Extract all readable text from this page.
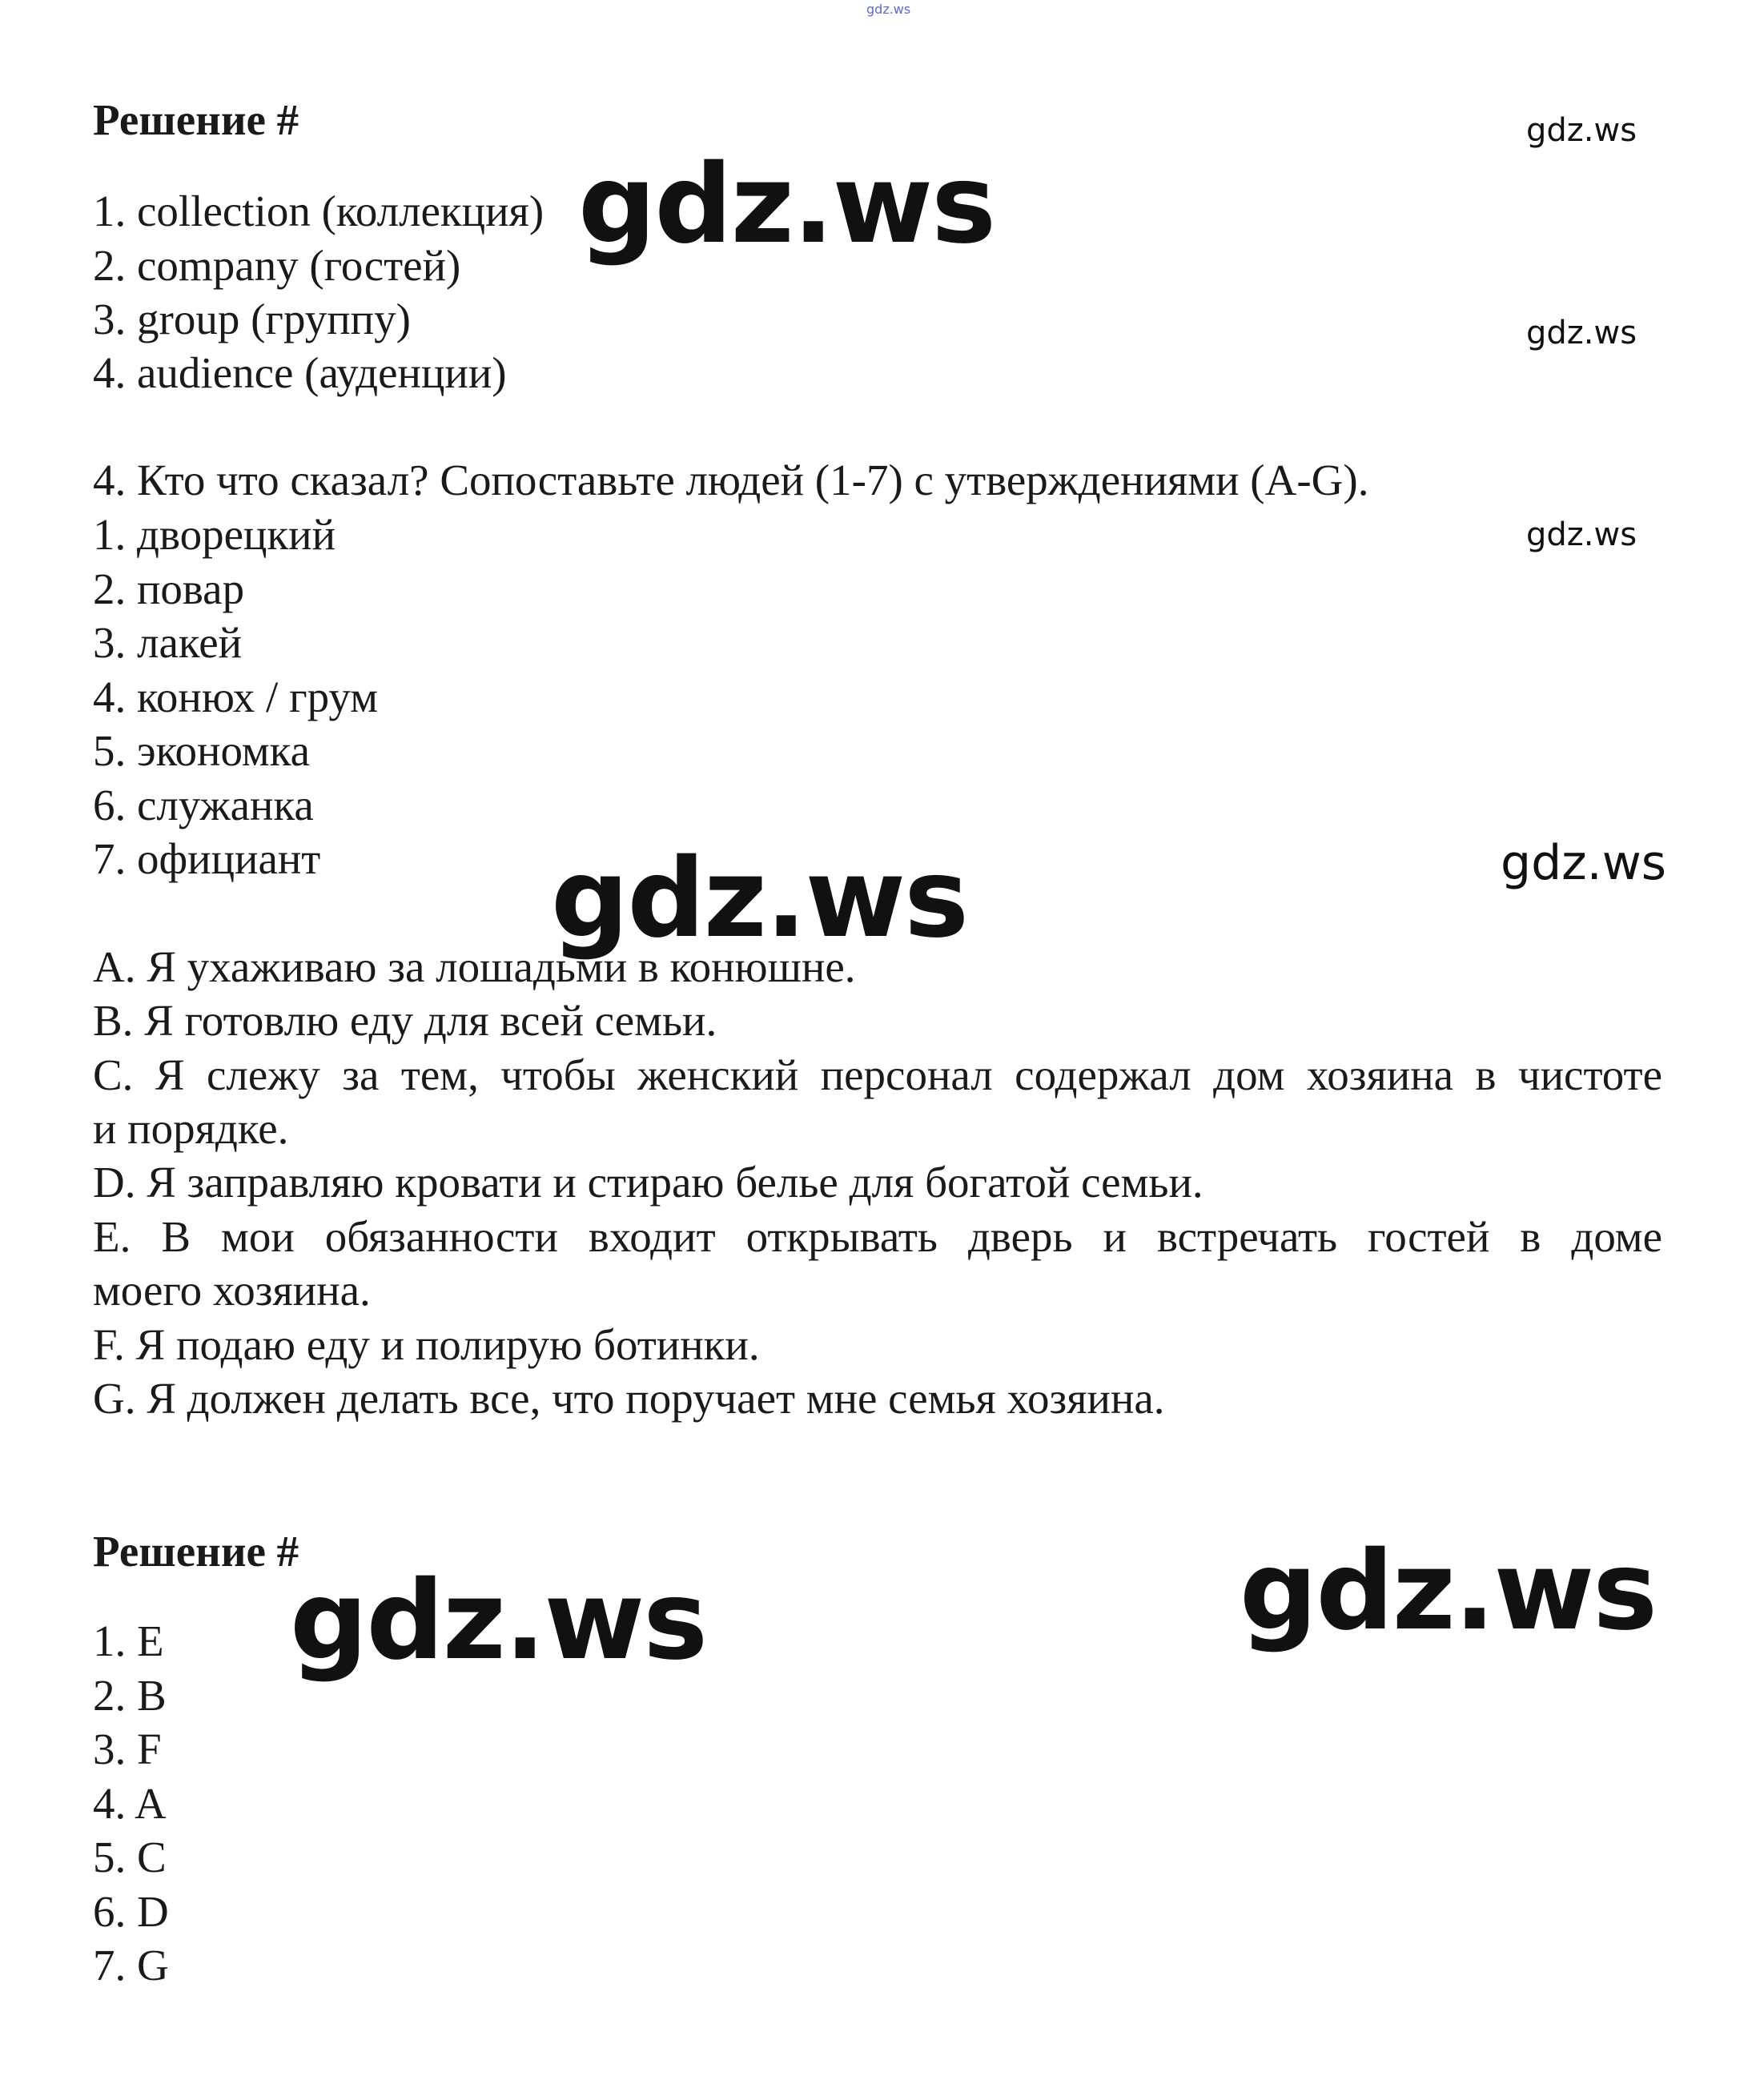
gdz.ws
Решение #
1. collection (коллекция)
2. company (гостей)
3. group (группу)
4. audience (ауденции)
4. Кто что сказал? Сопоставьте людей (1-7) с утверждениями (A-G).
1. дворецкий
2. повар
3. лакей
4. конюх / грум
5. экономка
6. служанка
7. официант
A. Я ухаживаю за лошадьми в конюшне.
B. Я готовлю еду для всей семьи.
C. Я слежу за тем, чтобы женский персонал содержал дом хозяина в чистоте
и порядке.
D. Я заправляю кровати и стираю белье для богатой семьи.
E. В мои обязанности входит открывать дверь и встречать гостей в доме
моего хозяина.
F. Я подаю еду и полирую ботинки.
G. Я должен делать все, что поручает мне семья хозяина.
Решение #
1. E
2. B
3. F
4. A
5. C
6. D
7. G
gdz.ws
gdz.ws
gdz.ws
gdz.ws
gdz.ws
gdz.ws
gdz.ws	gdz.ws
